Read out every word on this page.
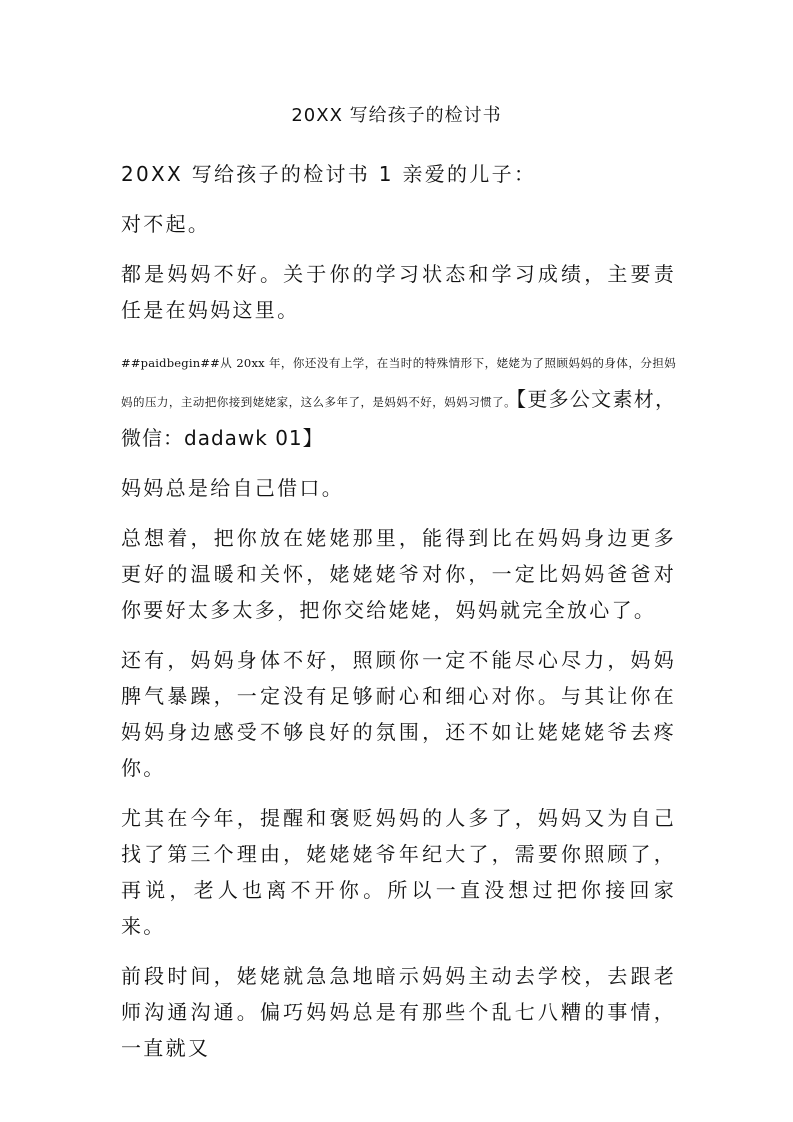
20XX 写给孩子的检讨书

20XX 写给孩子的检讨书 1 亲爱的儿子：

对不起。

都是妈妈不好。关于你的学习状态和学习成绩，主要责任是在妈妈这里。

##paidbegin##从 20xx 年，你还没有上学，在当时的特殊情形下，姥姥为了照顾妈妈的身体，分担妈妈的压力，主动把你接到姥姥家，这么多年了，是妈妈不好，妈妈习惯了。【更多公文素材，微信：dadawk 01】

妈妈总是给自己借口。

总想着，把你放在姥姥那里，能得到比在妈妈身边更多更好的温暖和关怀，姥姥姥爷对你，一定比妈妈爸爸对你要好太多太多，把你交给姥姥，妈妈就完全放心了。

还有，妈妈身体不好，照顾你一定不能尽心尽力，妈妈脾气暴躁，一定没有足够耐心和细心对你。与其让你在妈妈身边感受不够良好的氛围，还不如让姥姥姥爷去疼你。

尤其在今年，提醒和褒贬妈妈的人多了，妈妈又为自己找了第三个理由，姥姥姥爷年纪大了，需要你照顾了，再说，老人也离不开你。所以一直没想过把你接回家来。

前段时间，姥姥就急急地暗示妈妈主动去学校，去跟老师沟通沟通。偏巧妈妈总是有那些个乱七八糟的事情，一直就又
